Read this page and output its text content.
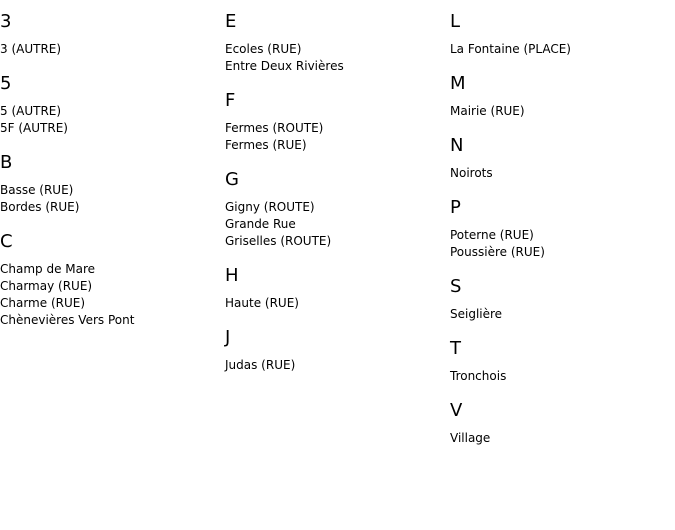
3
3 (AUTRE)
5
5 (AUTRE)
5F (AUTRE)
B
Basse (RUE)
Bordes (RUE)
C
Champ de Mare
Charmay (RUE)
Charme (RUE)
Chènevières Vers Pont
E
Ecoles (RUE)
Entre Deux Rivières
F
Fermes (ROUTE)
Fermes (RUE)
G
Gigny (ROUTE)
Grande Rue
Griselles (ROUTE)
H
Haute (RUE)
J
Judas (RUE)
L
La Fontaine (PLACE)
M
Mairie (RUE)
N
Noirots
P
Poterne (RUE)
Poussière (RUE)
S
Seiglière
T
Tronchois
V
Village
